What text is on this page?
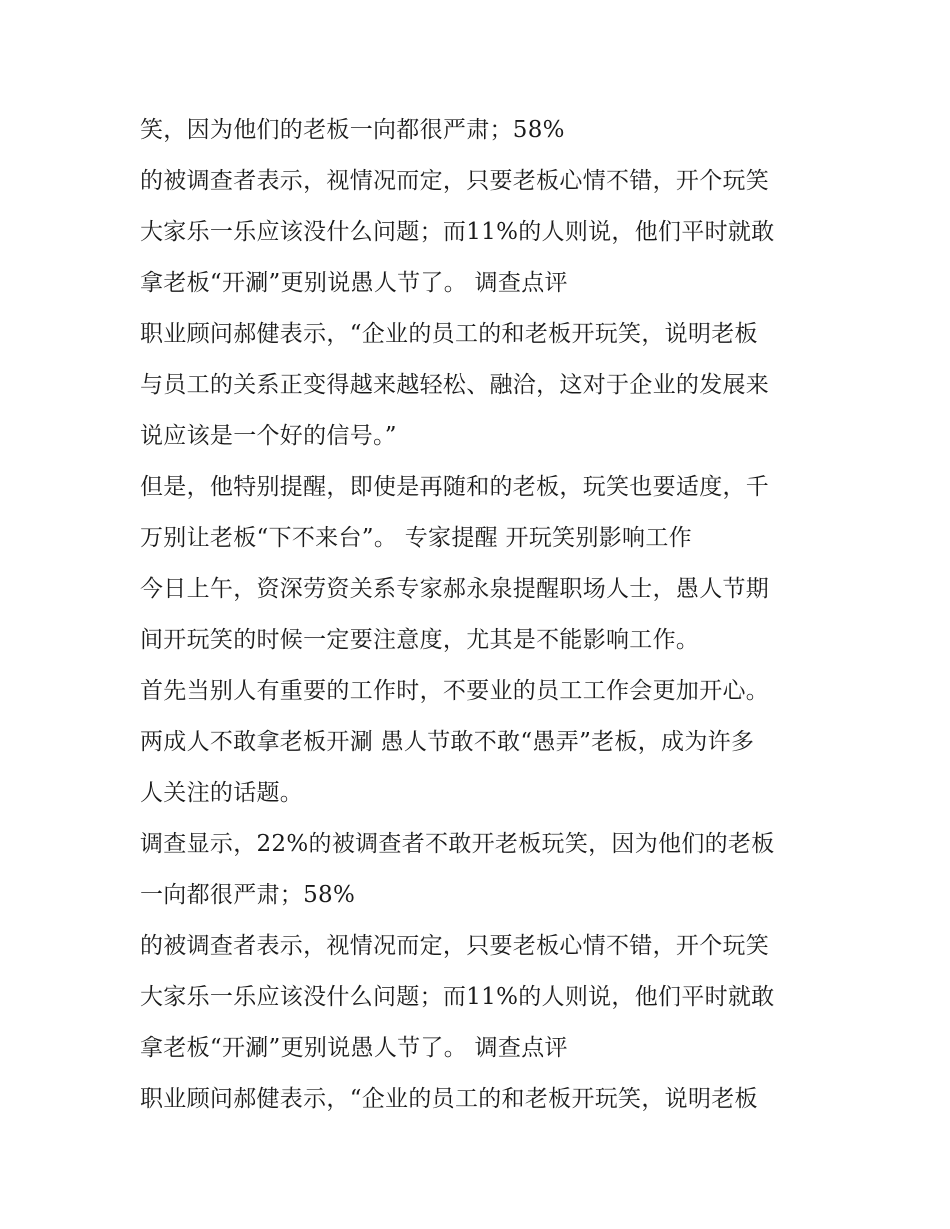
笑，因为他们的老板一向都很严肃；58%
的被调查者表示，视情况而定，只要老板心情不错，开个玩笑
大家乐一乐应该没什么问题；而11%的人则说，他们平时就敢
拿老板“开涮”更别说愚人节了。 调查点评
职业顾问郝健表示，“企业的员工的和老板开玩笑，说明老板
与员工的关系正变得越来越轻松、融洽，这对于企业的发展来
说应该是一个好的信号。”
但是，他特别提醒，即使是再随和的老板，玩笑也要适度，千
万别让老板“下不来台”。 专家提醒 开玩笑别影响工作
今日上午，资深劳资关系专家郝永泉提醒职场人士，愚人节期
间开玩笑的时候一定要注意度，尤其是不能影响工作。
首先当别人有重要的工作时，不要业的员工工作会更加开心。
两成人不敢拿老板开涮 愚人节敢不敢“愚弄”老板，成为许多
人关注的话题。
调查显示，22%的被调查者不敢开老板玩笑，因为他们的老板
一向都很严肃；58%
的被调查者表示，视情况而定，只要老板心情不错，开个玩笑
大家乐一乐应该没什么问题；而11%的人则说，他们平时就敢
拿老板“开涮”更别说愚人节了。 调查点评
职业顾问郝健表示，“企业的员工的和老板开玩笑，说明老板
